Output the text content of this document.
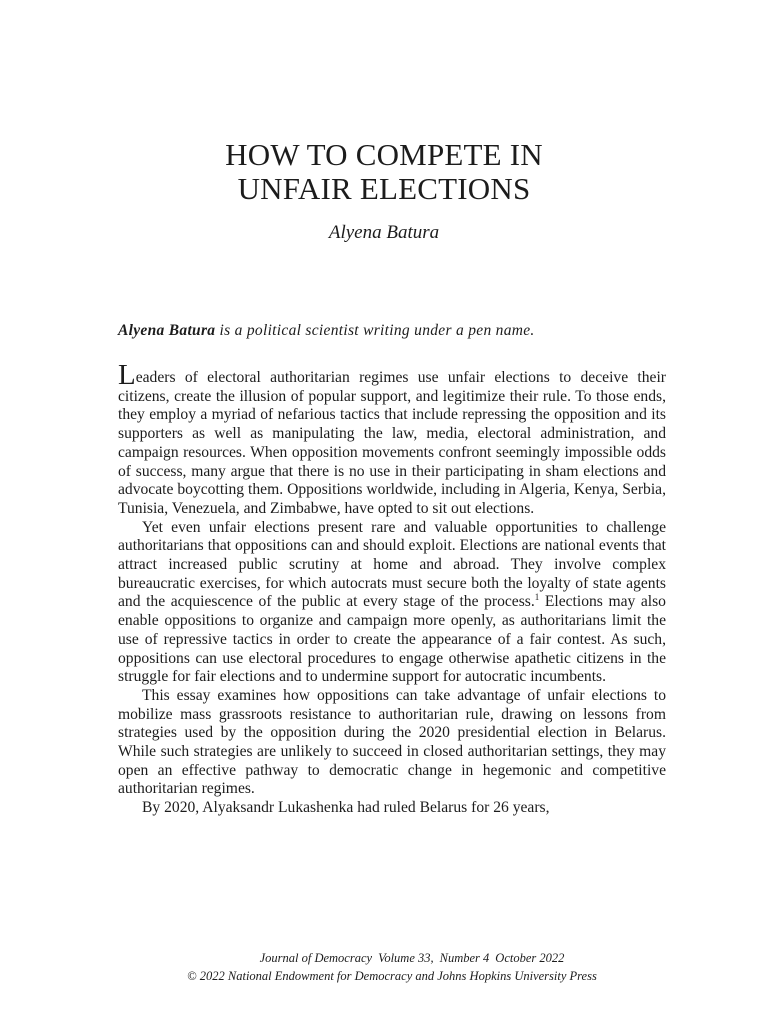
HOW TO COMPETE IN
UNFAIR ELECTIONS

Alyena Batura

Alyena Batura is a political scientist writing under a pen name.

Leaders of electoral authoritarian regimes use unfair elections to deceive their citizens, create the illusion of popular support, and legitimize their rule. To those ends, they employ a myriad of nefarious tactics that include repressing the opposition and its supporters as well as manipulating the law, media, electoral administration, and campaign resources. When opposition movements confront seemingly impossible odds of success, many argue that there is no use in their participating in sham elections and advocate boycotting them. Oppositions worldwide, including in Algeria, Kenya, Serbia, Tunisia, Venezuela, and Zimbabwe, have opted to sit out elections.

Yet even unfair elections present rare and valuable opportunities to challenge authoritarians that oppositions can and should exploit. Elections are national events that attract increased public scrutiny at home and abroad. They involve complex bureaucratic exercises, for which autocrats must secure both the loyalty of state agents and the acquiescence of the public at every stage of the process.$^1$ Elections may also enable oppositions to organize and campaign more openly, as authoritarians limit the use of repressive tactics in order to create the appearance of a fair contest. As such, oppositions can use electoral procedures to engage otherwise apathetic citizens in the struggle for fair elections and to undermine support for autocratic incumbents.

This essay examines how oppositions can take advantage of unfair elections to mobilize mass grassroots resistance to authoritarian rule, drawing on lessons from strategies used by the opposition during the 2020 presidential election in Belarus. While such strategies are unlikely to succeed in closed authoritarian settings, they may open an effective pathway to democratic change in hegemonic and competitive authoritarian regimes.

By 2020, Alyaksandr Lukashenka had ruled Belarus for 26 years,

Journal of Democracy Volume 33, Number 4 October 2022

© 2022 National Endowment for Democracy and Johns Hopkins University Press
